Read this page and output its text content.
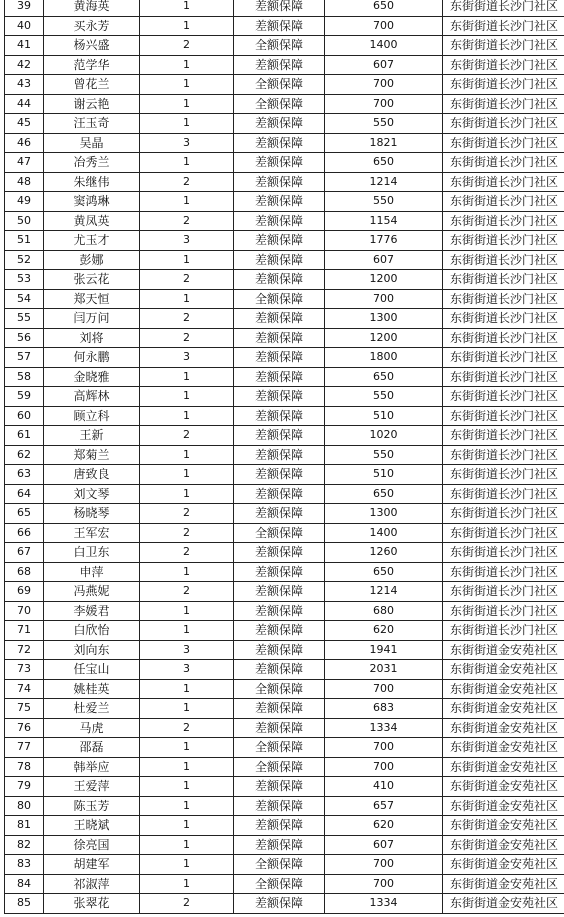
39	黄海英	1	差额保障	650	东街街道长沙门社区
40	买永芳	1	差额保障	700	东街街道长沙门社区
41	杨兴盛	2	全额保障	1400	东街街道长沙门社区
42	范学华	1	差额保障	607	东街街道长沙门社区
43	曾花兰	1	全额保障	700	东街街道长沙门社区
44	谢云艳	1	全额保障	700	东街街道长沙门社区
45	汪玉奇	1	差额保障	550	东街街道长沙门社区
46	吴晶	3	差额保障	1821	东街街道长沙门社区
47	冶秀兰	1	差额保障	650	东街街道长沙门社区
48	朱继伟	2	差额保障	1214	东街街道长沙门社区
49	窦鸿琳	1	差额保障	550	东街街道长沙门社区
50	黄凤英	2	差额保障	1154	东街街道长沙门社区
51	尤玉才	3	差额保障	1776	东街街道长沙门社区
52	彭娜	1	差额保障	607	东街街道长沙门社区
53	张云花	2	差额保障	1200	东街街道长沙门社区
54	郑天恒	1	全额保障	700	东街街道长沙门社区
55	闫万问	2	差额保障	1300	东街街道长沙门社区
56	刘将	2	差额保障	1200	东街街道长沙门社区
57	何永鹏	3	差额保障	1800	东街街道长沙门社区
58	金晓雅	1	差额保障	650	东街街道长沙门社区
59	高辉林	1	差额保障	550	东街街道长沙门社区
60	顾立科	1	差额保障	510	东街街道长沙门社区
61	王新	2	差额保障	1020	东街街道长沙门社区
62	郑菊兰	1	差额保障	550	东街街道长沙门社区
63	唐致良	1	差额保障	510	东街街道长沙门社区
64	刘文琴	1	差额保障	650	东街街道长沙门社区
65	杨晓琴	2	差额保障	1300	东街街道长沙门社区
66	王军宏	2	全额保障	1400	东街街道长沙门社区
67	白卫东	2	差额保障	1260	东街街道长沙门社区
68	申萍	1	差额保障	650	东街街道长沙门社区
69	冯燕妮	2	差额保障	1214	东街街道长沙门社区
70	李媛君	1	差额保障	680	东街街道长沙门社区
71	白欣怡	1	差额保障	620	东街街道长沙门社区
72	刘向东	3	差额保障	1941	东街街道金安苑社区
73	任宝山	3	差额保障	2031	东街街道金安苑社区
74	姚桂英	1	全额保障	700	东街街道金安苑社区
75	杜爱兰	1	差额保障	683	东街街道金安苑社区
76	马虎	2	差额保障	1334	东街街道金安苑社区
77	邵磊	1	全额保障	700	东街街道金安苑社区
78	韩举应	1	全额保障	700	东街街道金安苑社区
79	王爱萍	1	差额保障	410	东街街道金安苑社区
80	陈玉芳	1	差额保障	657	东街街道金安苑社区
81	王晓斌	1	差额保障	620	东街街道金安苑社区
82	徐亮国	1	差额保障	607	东街街道金安苑社区
83	胡建军	1	全额保障	700	东街街道金安苑社区
84	祁淑萍	1	全额保障	700	东街街道金安苑社区
85	张翠花	2	差额保障	1334	东街街道金安苑社区
